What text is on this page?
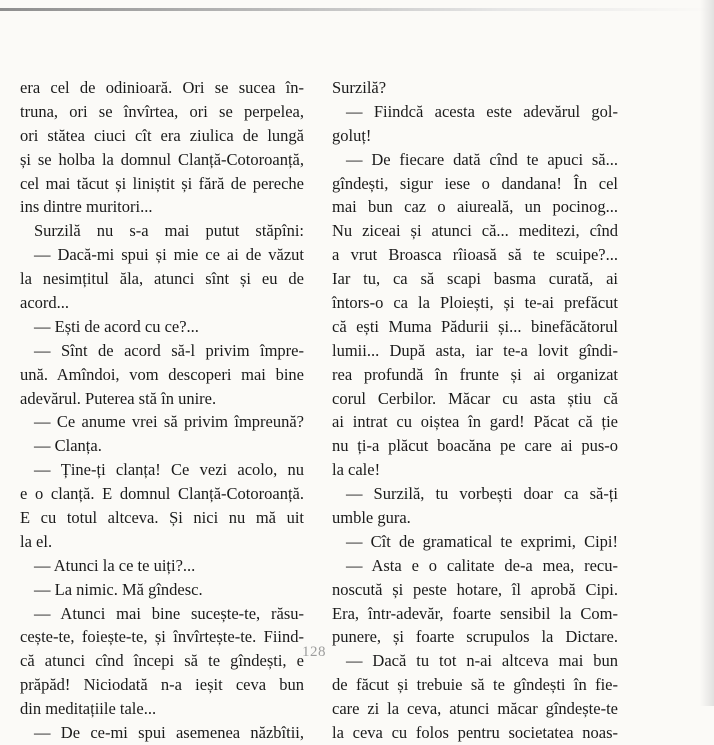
era cel de odinioară. Ori se sucea în-
truna, ori se învîrtea, ori se perpelea,
ori stătea ciuci cît era ziulica de lungă
și se holba la domnul Clanță-Cotoroanță,
cel mai tăcut și liniștit și fără de pereche
ins dintre muritori...
Surzilă nu s-a mai putut stăpîni:
— Dacă-mi spui și mie ce ai de văzut
la nesimțitul ăla, atunci sînt și eu de
acord...
— Ești de acord cu ce?...
— Sînt de acord să-l privim împre-
ună. Amîndoi, vom descoperi mai bine
adevărul. Puterea stă în unire.
— Ce anume vrei să privim împreună?
— Clanța.
— Ține-ți clanța! Ce vezi acolo, nu
e o clanță. E domnul Clanță-Cotoroanță.
E cu totul altceva. Și nici nu mă uit
la el.
— Atunci la ce te uiți?...
— La nimic. Mă gîndesc.
— Atunci mai bine sucește-te, răsu-
cește-te, foiește-te, și învîrtește-te. Fiind-
că atunci cînd începi să te gîndești, e
prăpăd! Niciodată n-a ieșit ceva bun
din meditațiile tale...
— De ce-mi spui asemenea năzbîtii,
Surzilă?
— Fiindcă acesta este adevărul gol-
goluț!
— De fiecare dată cînd te apuci să...
gîndești, sigur iese o dandana! În cel
mai bun caz o aiureală, un pocinog...
Nu ziceai și atunci că... meditezi, cînd
a vrut Broasca rîioasă să te scuipe?...
Iar tu, ca să scapi basma curată, ai
întors-o ca la Ploiești, și te-ai prefăcut
că ești Muma Pădurii și... binefăcătorul
lumii... După asta, iar te-a lovit gîndi-
rea profundă în frunte și ai organizat
corul Cerbilor. Măcar cu asta știu că
ai intrat cu oiștea în gard! Păcat că ție
nu ți-a plăcut boacăna pe care ai pus-o
la cale!
— Surzilă, tu vorbești doar ca să-ți
umble gura.
— Cît de gramatical te exprimi, Cipi!
— Asta e o calitate de-a mea, recu-
noscută și peste hotare, îl aprobă Cipi.
Era, într-adevăr, foarte sensibil la Com-
punere, și foarte scrupulos la Dictare.
— Dacă tu tot n-ai altceva mai bun
de făcut și trebuie să te gîndești în fie-
care zi la ceva, atunci măcar gîndește-te
la ceva cu folos pentru societatea noas-
128
